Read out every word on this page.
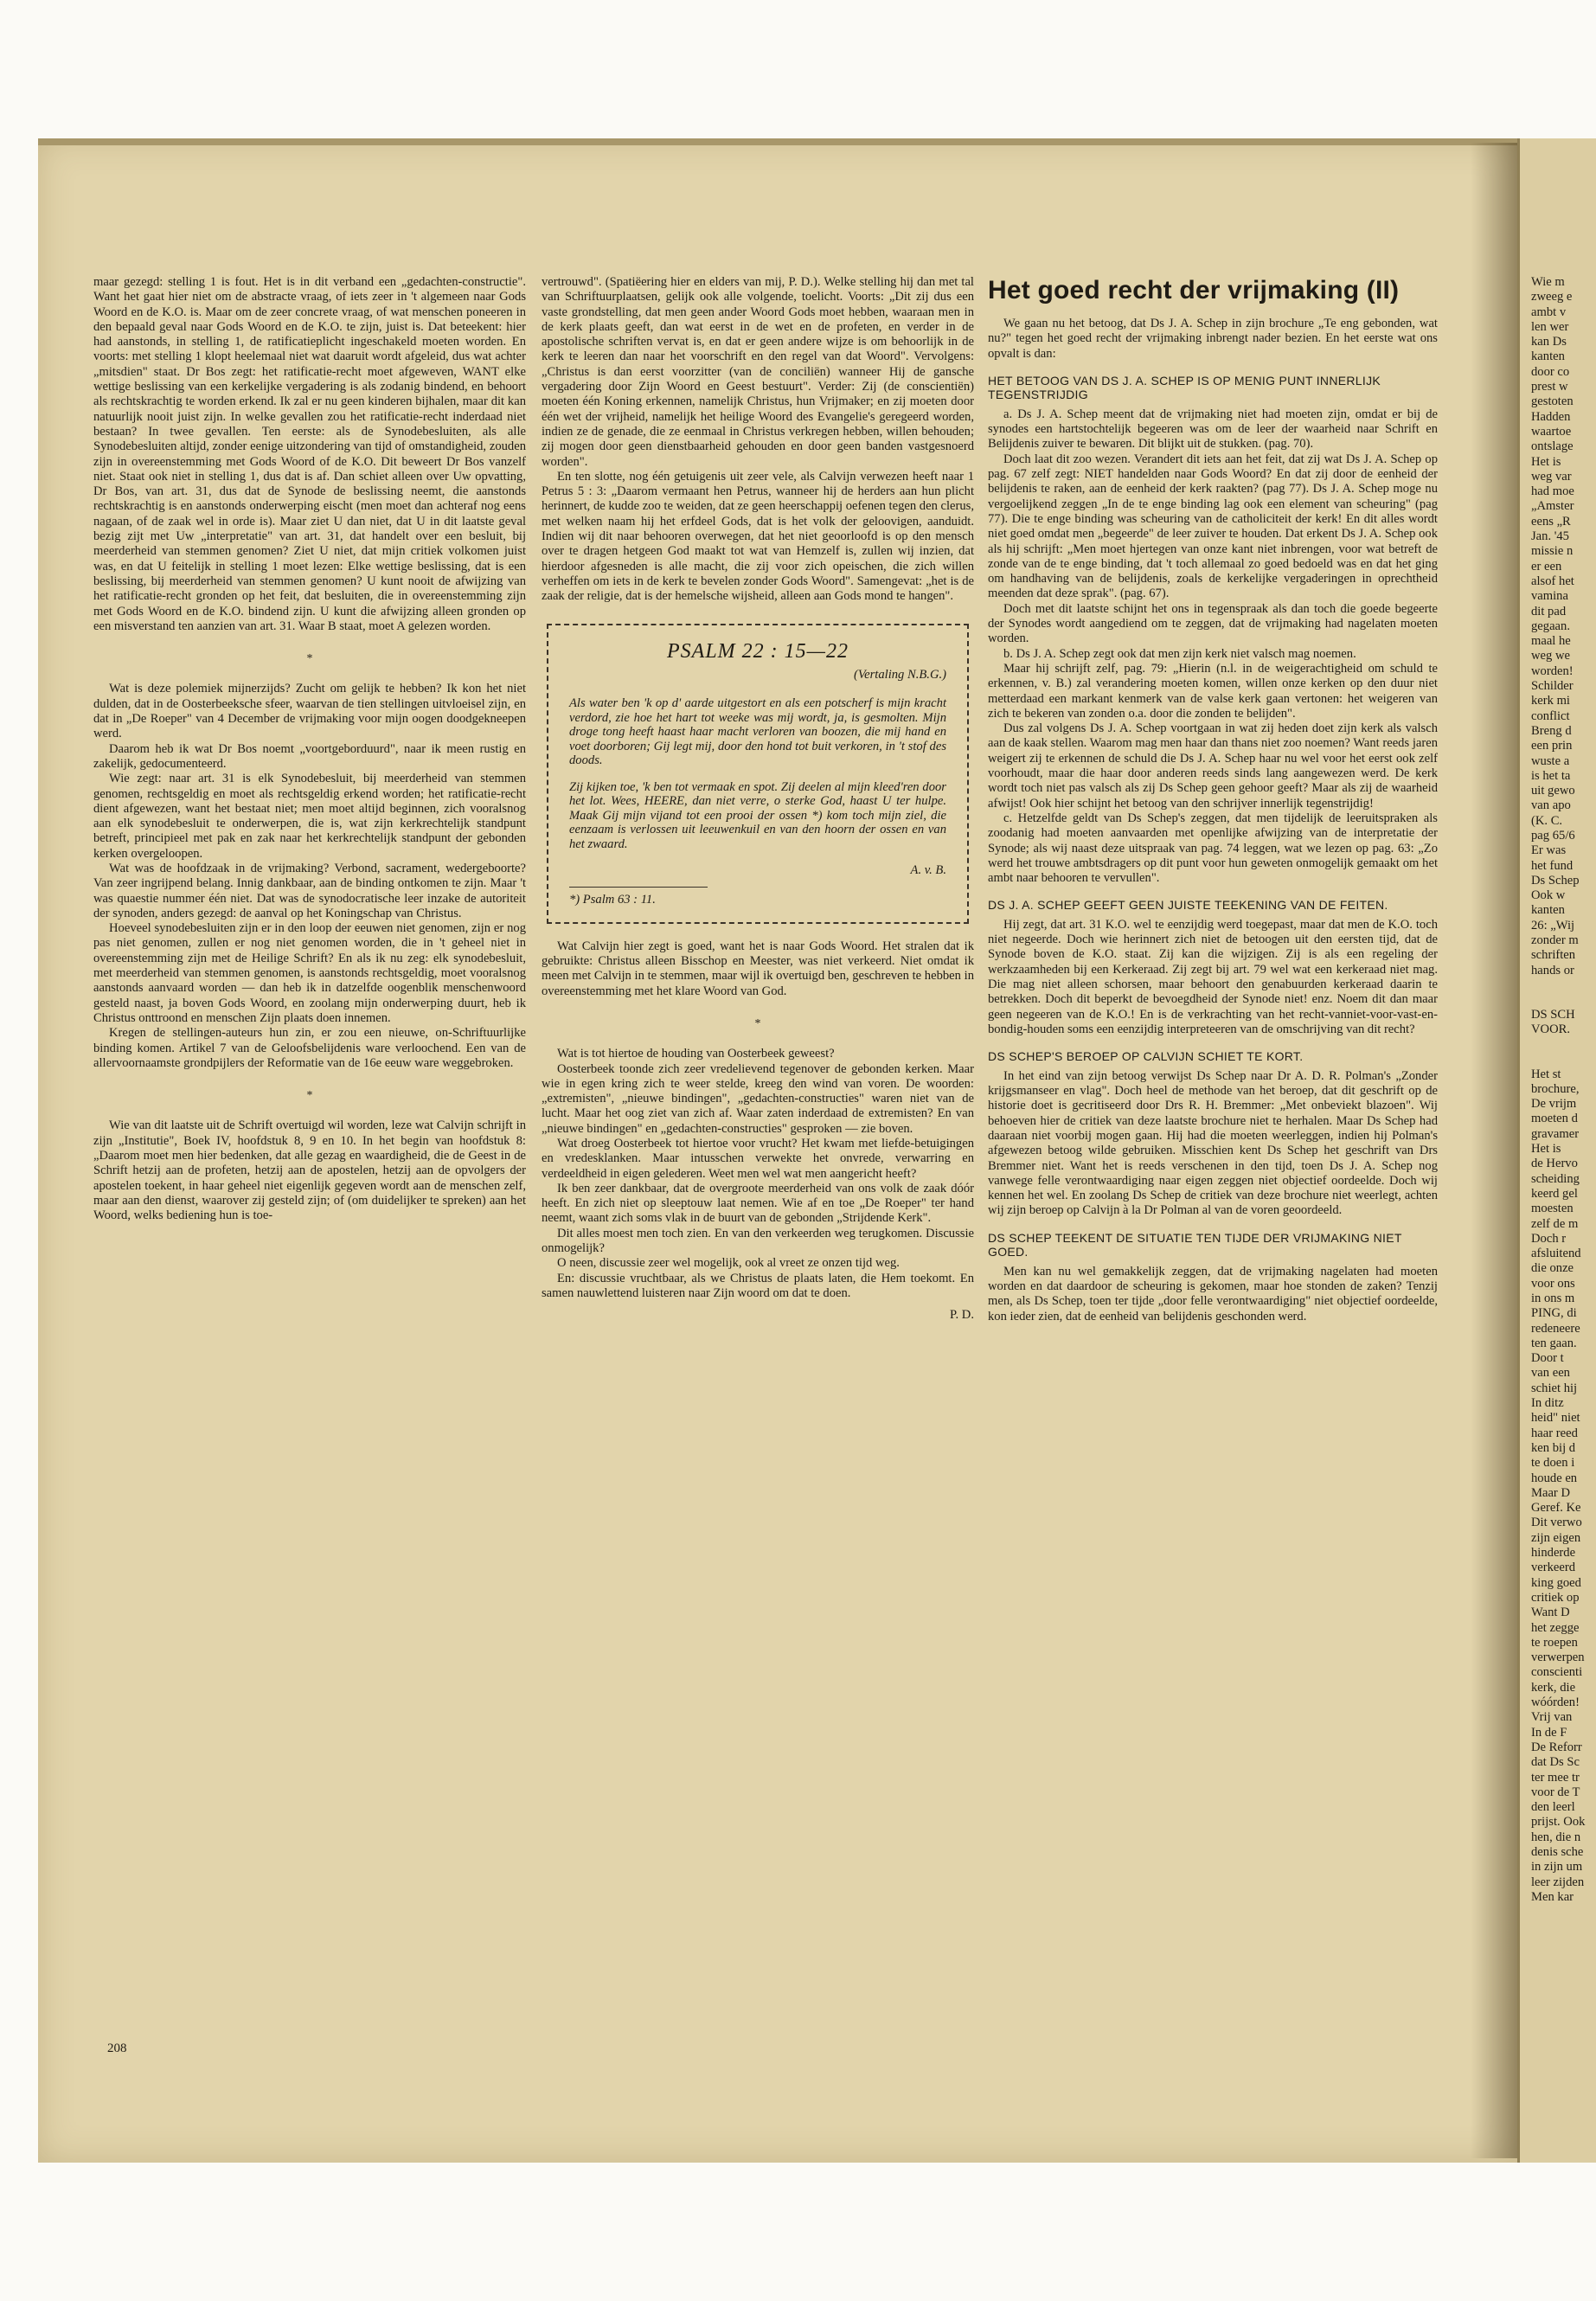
maar gezegd: stelling 1 is fout. Het is in dit verband een „gedachten-constructie". Want het gaat hier niet om de abstracte vraag, of iets zeer in 't algemeen naar Gods Woord en de K.O. is. Maar om de zeer concrete vraag, of wat menschen poneeren in den bepaald geval naar Gods Woord en de K.O. te zijn, juist is. Dat beteekent: hier had aanstonds, in stelling 1, de ratificatieplicht ingeschakeld moeten worden. En voorts: met stelling 1 klopt heelemaal niet wat daaruit wordt afgeleid, dus wat achter „mitsdien" staat. Dr Bos zegt: het ratificatie-recht moet afgeweven, WANT elke wettige beslissing van een kerkelijke vergadering is als zodanig bindend, en behoort als rechtskrachtig te worden erkend. Ik zal er nu geen kinderen bijhalen, maar dit kan natuurlijk nooit juist zijn. In welke gevallen zou het ratificatie-recht inderdaad niet bestaan? In twee gevallen. Ten eerste: als de Synodebesluiten, als alle Synodebesluiten altijd, zonder eenige uitzondering van tijd of omstandigheid, zouden zijn in overeenstemming met Gods Woord of de K.O. Dit beweert Dr Bos vanzelf niet. Staat ook niet in stelling 1, dus dat is af. Dan schiet alleen over Uw opvatting, Dr Bos, van art. 31, dus dat de Synode de beslissing neemt, die aanstonds rechtskrachtig is en aanstonds onderwerping eischt (men moet dan achteraf nog eens nagaan, of de zaak wel in orde is). Maar ziet U dan niet, dat U in dit laatste geval bezig zijt met Uw „interpretatie" van art. 31, dat handelt over een besluit, bij meerderheid van stemmen genomen? Ziet U niet, dat mijn critiek volkomen juist was, en dat U feitelijk in stelling 1 moet lezen: Elke wettige beslissing, dat is een beslissing, bij meerderheid van stemmen genomen? U kunt nooit de afwijzing van het ratificatie-recht gronden op het feit, dat besluiten, die in overeenstemming zijn met Gods Woord en de K.O. bindend zijn. U kunt die afwijzing alleen gronden op een misverstand ten aanzien van art. 31. Waar B staat, moet A gelezen worden.

*

Wat is deze polemiek mijnerzijds? Zucht om gelijk te hebben? Ik kon het niet dulden, dat in de Oosterbeeksche sfeer, waarvan de tien stellingen uitvloeisel zijn, en dat in „De Roeper" van 4 December de vrijmaking voor mijn oogen doodgekneepen werd.

Daarom heb ik wat Dr Bos noemt „voortgeborduurd", naar ik meen rustig en zakelijk, gedocumenteerd.

Wie zegt: naar art. 31 is elk Synodebesluit, bij meerderheid van stemmen genomen, rechtsgeldig en moet als rechtsgeldig erkend worden; het ratificatie-recht dient afgewezen, want het bestaat niet; men moet altijd beginnen, zich vooralsnog aan elk synodebesluit te onderwerpen, die is, wat zijn kerkrechtelijk standpunt betreft, principieel met pak en zak naar het kerkrechtelijk standpunt der gebonden kerken overgeloopen.

Wat was de hoofdzaak in de vrijmaking? Verbond, sacrament, wedergeboorte? Van zeer ingrijpend belang. Innig dankbaar, aan de binding ontkomen te zijn. Maar 't was quaestie nummer één niet. Dat was de synodocratische leer inzake de autoriteit der synoden, anders gezegd: de aanval op het Koningschap van Christus.

Hoeveel synodebesluiten zijn er in den loop der eeuwen niet genomen, zijn er nog pas niet genomen, zullen er nog niet genomen worden, die in 't geheel niet in overeenstemming zijn met de Heilige Schrift? En als ik nu zeg: elk synodebesluit, met meerderheid van stemmen genomen, is aanstonds rechtsgeldig, moet vooralsnog aanstonds aanvaard worden — dan heb ik in datzelfde oogenblik menschenwoord gesteld naast, ja boven Gods Woord, en zoolang mijn onderwerping duurt, heb ik Christus onttroond en menschen Zijn plaats doen innemen.

Kregen de stellingen-auteurs hun zin, er zou een nieuwe, on-Schriftuurlijke binding komen. Artikel 7 van de Geloofsbelijdenis ware verloochend. Een van de allervoornaamste grondpijlers der Reformatie van de 16e eeuw ware weggebroken.

*

Wie van dit laatste uit de Schrift overtuigd wil worden, leze wat Calvijn schrijft in zijn „Institutie", Boek IV, hoofdstuk 8, 9 en 10. In het begin van hoofdstuk 8: „Daarom moet men hier bedenken, dat alle gezag en waardigheid, die de Geest in de Schrift hetzij aan de profeten, hetzij aan de apostelen, hetzij aan de opvolgers der apostelen toekent, in haar geheel niet eigenlijk gegeven wordt aan de menschen zelf, maar aan den dienst, waarover zij gesteld zijn; of (om duidelijker te spreken) aan het Woord, welks bediening hun is toe-

vertrouwd". (Spatiëering hier en elders van mij, P. D.). Welke stelling hij dan met tal van Schriftuurplaatsen, gelijk ook alle volgende, toelicht. Voorts: „Dit zij dus een vaste grondstelling, dat men geen ander Woord Gods moet hebben, waaraan men in de kerk plaats geeft, dan wat eerst in de wet en de profeten, en verder in de apostolische schriften vervat is, en dat er geen andere wijze is om behoorlijk in de kerk te leeren dan naar het voorschrift en den regel van dat Woord". Vervolgens: „Christus is dan eerst voorzitter (van de conciliën) wanneer Hij de gansche vergadering door Zijn Woord en Geest bestuurt". Verder: Zij (de conscientiën) moeten één Koning erkennen, namelijk Christus, hun Vrijmaker; en zij moeten door één wet der vrijheid, namelijk het heilige Woord des Evangelie's geregeerd worden, indien ze de genade, die ze eenmaal in Christus verkregen hebben, willen behouden; zij mogen door geen dienstbaarheid gehouden en door geen banden vastgesnoerd worden".

En ten slotte, nog één getuigenis uit zeer vele, als Calvijn verwezen heeft naar 1 Petrus 5 : 3: „Daarom vermaant hen Petrus, wanneer hij de herders aan hun plicht herinnert, de kudde zoo te weiden, dat ze geen heerschappij oefenen tegen den clerus, met welken naam hij het erfdeel Gods, dat is het volk der geloovigen, aanduidt. Indien wij dit naar behooren overwegen, dat het niet geoorloofd is op den mensch over te dragen hetgeen God maakt tot wat van Hemzelf is, zullen wij inzien, dat hierdoor afgesneden is alle macht, die zij voor zich opeischen, die zich willen verheffen om iets in de kerk te bevelen zonder Gods Woord". Samengevat: „het is de zaak der religie, dat is der hemelsche wijsheid, alleen aan Gods mond te hangen".

PSALM 22 : 15—22
(Vertaling N.B.G.)

Als water ben 'k op d' aarde uitgestort en als een potscherf is mijn kracht verdord, zie hoe het hart tot weeke was mij wordt, ja, is gesmolten. Mijn droge tong heeft haast haar macht verloren van boozen, die mij hand en voet doorboren; Gij legt mij, door den hond tot buit verkoren, in 't stof des doods.

Zij kijken toe, 'k ben tot vermaak en spot. Zij deelen al mijn kleed'ren door het lot. Wees, HEERE, dan niet verre, o sterke God, haast U ter hulpe. Maak Gij mijn vijand tot een prooi der ossen *) kom toch mijn ziel, die eenzaam is verlossen uit leeuwenkuil en van den hoorn der ossen en van het zwaard.

A. v. B.
*) Psalm 63 : 11.

Wat Calvijn hier zegt is goed, want het is naar Gods Woord. Het stralen dat ik gebruikte: Christus alleen Bisschop en Meester, was niet verkeerd. Niet omdat ik meen met Calvijn in te stemmen, maar wijl ik overtuigd ben, geschreven te hebben in overeenstemming met het klare Woord van God.

*

Wat is tot hiertoe de houding van Oosterbeek geweest?

Oosterbeek toonde zich zeer vredelievend tegenover de gebonden kerken. Maar wie in egen kring zich te weer stelde, kreeg den wind van voren. De woorden: „extremisten", „nieuwe bindingen", „gedachten-constructies" waren niet van de lucht. Maar het oog ziet van zich af. Waar zaten inderdaad de extremisten? En van „nieuwe bindingen" en „gedachten-constructies" gesproken — zie boven.

Wat droeg Oosterbeek tot hiertoe voor vrucht? Het kwam met liefde-betuigingen en vredesklanken. Maar intusschen verwekte het onvrede, verwarring en verdeeldheid in eigen gelederen. Weet men wel wat men aangericht heeft?

Ik ben zeer dankbaar, dat de overgroote meerderheid van ons volk de zaak dóór heeft. En zich niet op sleeptouw laat nemen. Wie af en toe „De Roeper" ter hand neemt, waant zich soms vlak in de buurt van de gebonden „Strijdende Kerk".

Dit alles moest men toch zien. En van den verkeerden weg terugkomen. Discussie onmogelijk?

O neen, discussie zeer wel mogelijk, ook al vreet ze onzen tijd weg.

En: discussie vruchtbaar, als we Christus de plaats laten, die Hem toekomt. En samen nauwlettend luisteren naar Zijn woord om dat te doen.

P. D.
Het goed recht der vrijmaking (II)

We gaan nu het betoog, dat Ds J. A. Schep in zijn brochure „Te eng gebonden, wat nu?" tegen het goed recht der vrijmaking inbrengt nader bezien. En het eerste wat ons opvalt is dan:

HET BETOOG VAN DS J. A. SCHEP IS OP MENIG PUNT INNERLIJK TEGENSTRIJDIG

a. Ds J. A. Schep meent dat de vrijmaking niet had moeten zijn, omdat er bij de synodes een hartstochtelijk begeeren was om de leer der waarheid naar Schrift en Belijdenis zuiver te bewaren. Dit blijkt uit de stukken. (pag. 70).

Doch laat dit zoo wezen. Verandert dit iets aan het feit, dat zij wat Ds J. A. Schep op pag. 67 zelf zegt: NIET handelden naar Gods Woord? En dat zij door de eenheid der belijdenis te raken, aan de eenheid der kerk raakten? (pag 77). Ds J. A. Schep moge nu vergoelijkend zeggen „In de te enge binding lag ook een element van scheuring" (pag 77). Die te enge binding was scheuring van de catholiciteit der kerk! En dit alles wordt niet goed omdat men „begeerde" de leer zuiver te houden. Dat erkent Ds J. A. Schep ook als hij schrijft: „Men moet hjertegen van onze kant niet inbrengen, voor wat betreft de zonde van de te enge binding, dat 't toch allemaal zo goed bedoeld was en dat het ging om handhaving van de belijdenis, zoals de kerkelijke vergaderingen in oprechtheid meenden dat deze sprak". (pag. 67).

Doch met dit laatste schijnt het ons in tegenspraak als dan toch die goede begeerte der Synodes wordt aangediend om te zeggen, dat de vrijmaking had nagelaten moeten worden.

b. Ds J. A. Schep zegt ook dat men zijn kerk niet valsch mag noemen.

Maar hij schrijft zelf, pag. 79: „Hierin (n.l. in de weigerachtigheid om schuld te erkennen, v. B.) zal verandering moeten komen, willen onze kerken op den duur niet metterdaad een markant kenmerk van de valse kerk gaan vertonen: het weigeren van zich te bekeren van zonden o.a. door die zonden te belijden".

Dus zal volgens Ds J. A. Schep voortgaan in wat zij heden doet zijn kerk als valsch aan de kaak stellen. Waarom mag men haar dan thans niet zoo noemen? Want reeds jaren weigert zij te erkennen de schuld die Ds J. A. Schep haar nu wel voor het eerst ook zelf voorhoudt, maar die haar door anderen reeds sinds lang aangewezen werd. De kerk wordt toch niet pas valsch als zij Ds Schep geen gehoor geeft? Maar als zij de waarheid afwijst! Ook hier schijnt het betoog van den schrijver innerlijk tegenstrijdig!

c. Hetzelfde geldt van Ds Schep's zeggen, dat men tijdelijk de leeruitspraken als zoodanig had moeten aanvaarden met openlijke afwijzing van de interpretatie der Synode; als wij naast deze uitspraak van pag. 74 leggen, wat we lezen op pag. 63: „Zo werd het trouwe ambtsdragers op dit punt voor hun geweten onmogelijk gemaakt om het ambt naar behooren te vervullen".

DS J. A. SCHEP GEEFT GEEN JUISTE TEEKENING VAN DE FEITEN.

Hij zegt, dat art. 31 K.O. wel te eenzijdig werd toegepast, maar dat men de K.O. toch niet negeerde. Doch wie herinnert zich niet de betoogen uit den eersten tijd, dat de Synode boven de K.O. staat. Zij kan die wijzigen. Zij is als een regeling der werkzaamheden bij een Kerkeraad. Zij zegt bij art. 79 wel wat een kerkeraad niet mag. Die mag niet alleen schorsen, maar behoort den genabuurden kerkeraad daarin te betrekken. Doch dit beperkt de bevoegdheid der Synode niet! enz. Noem dit dan maar geen negeeren van de K.O.! En is de verkrachting van het recht-vanniet-voor-vast-en-bondig-houden soms een eenzijdig interpreteeren van de omschrijving van dit recht?

DS SCHEP'S BEROEP OP CALVIJN SCHIET TE KORT.

In het eind van zijn betoog verwijst Ds Schep naar Dr A. D. R. Polman's „Zonder krijgsmanseer en vlag". Doch heel de methode van het beroep, dat dit geschrift op de historie doet is gecritiseerd door Drs R. H. Bremmer: „Met onbeviekt blazoen". Wij behoeven hier de critiek van deze laatste brochure niet te herhalen. Maar Ds Schep had daaraan niet voorbij mogen gaan. Hij had die moeten weerleggen, indien hij Polman's afgewezen betoog wilde gebruiken. Misschien kent Ds Schep het geschrift van Drs Bremmer niet. Want het is reeds verschenen in den tijd, toen Ds J. A. Schep nog vanwege felle verontwaardiging naar eigen zeggen niet objectief oordeelde. Doch wij kennen het wel. En zoolang Ds Schep de critiek van deze brochure niet weerlegt, achten wij zijn beroep op Calvijn à la Dr Polman al van de voren geoordeeld.

DS SCHEP TEEKENT DE SITUATIE TEN TIJDE DER VRIJMAKING NIET GOED.

Men kan nu wel gemakkelijk zeggen, dat de vrijmaking nagelaten had moeten worden en dat daardoor de scheuring is gekomen, maar hoe stonden de zaken? Tenzij men, als Ds Schep, toen ter tijde „door felle verontwaardiging" niet objectief oordeelde, kon ieder zien, dat de eenheid van belijdenis geschonden werd.

208
Wie m
zweeg e
ambt v
len wer
kan Ds
kanten
door co
prest w
gestoten
Hadden
waartoe
ontslage
Het is
weg var
had moe
„Amster
eens „R
Jan. '45
missie n
er een
alsof het
vamina
dit pad
gegaan.
maal he
weg we
worden!
Schilder
kerk mi
conflict
Breng d
een prin
wuste a
is het ta
uit gewo
van apo
(K. C.
pag 65/6
Er was
het fund
Ds Schep
Ook w
kanten
26: „Wij
zonder m
schriften
hands or
DS SCH
VOOR.
Het st
brochure,
De vrijm
moeten d
gravamer
Het is
de Hervo
scheiding
keerd gel
moesten
zelf de m
Doch r
afsluitend
die onze
voor ons
in ons m
PING, di
redeneere
ten gaan.
Door t
van een
schiet hij
In ditz
heid" niet
haar reed
ken bij d
te doen i
houde en
Maar D
Geref. Ke
Dit verwo
zijn eigen
hinderde
verkeerd
king goed
critiek op
Want D
het zegge
te roepen
verwerpen
conscienti
kerk, die
wóórden!
Vrij van
In de F
De Reforr
dat Ds Sc
ter mee tr
voor de T
den leerl
prijst. Ook
hen, die n
denis sche
in zijn um
leer zijden
Men kar
